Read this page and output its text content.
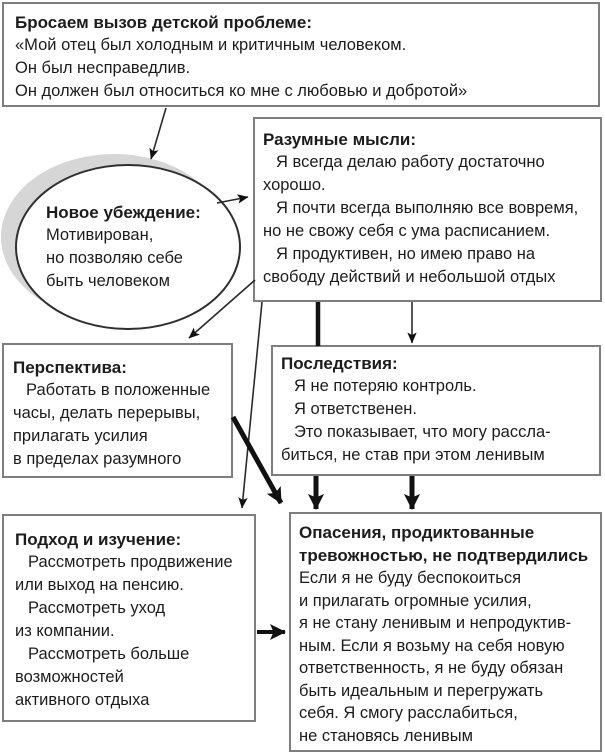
Бросаем вызов детской проблеме:
«Мой отец был холодным и критичным человеком.
Он был несправедлив.
Он должен был относиться ко мне с любовью и добротой»
Новое убеждение:
Мотивирован,
но позволяю себе
быть человеком
Разумные мысли:
Я всегда делаю работу достаточно
хорошо.
Я почти всегда выполняю все вовремя,
но не свожу себя с ума расписанием.
Я продуктивен, но имею право на
свободу действий и небольшой отдых
Перспектива:
Работать в положенные
часы, делать перерывы,
прилагать усилия
в пределах разумного
Последствия:
Я не потеряю контроль.
Я ответственен.
Это показывает, что могу рассла-
биться, не став при этом ленивым
Подход и изучение:
Рассмотреть продвижение
или выход на пенсию.
Рассмотреть уход
из компании.
Рассмотреть больше
возможностей
активного отдыха
Опасения, продиктованные
тревожностью, не подтвердились
Если я не буду беспокоиться
и прилагать огромные усилия,
я не стану ленивым и непродуктив-
ным. Если я возьму на себя новую
ответственность, я не буду обязан
быть идеальным и перегружать
себя. Я смогу расслабиться,
не становясь ленивым
